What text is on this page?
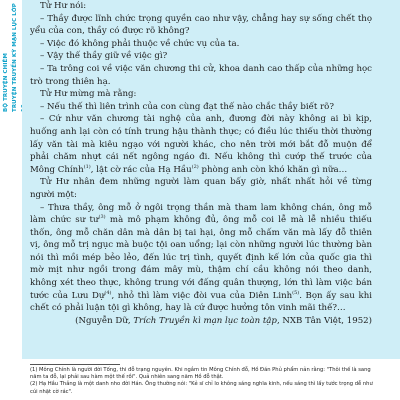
BỘ TRUYỆN CHIÊM TRUYỆN TRUYỀN KỲ MẠN LỤC LỚP	Tử Hư nói:

– Thầy được lĩnh chức trọng quyền cao như vậy, chẳng hay sự sống chết thọ yểu của con, thầy có được rõ không?

– Việc đó không phải thuộc về chức vụ của ta.

– Vậy thế thầy giữ về việc gì?

– Ta trông coi về việc văn chương thi cử, khoa danh cao thấp của những học trò trong thiên hạ.

Tử Hư mừng mà rằng:

– Nếu thế thì liên trình của con cùng đạt thế nào chắc thầy biết rõ?

– Cứ như văn chương tài nghệ của anh, đương đời này không ai bì kịp, huống anh lại còn có tính trung hậu thành thực; có điều lúc thiếu thời thường lấy văn tài mà kiêu ngạo với người khác, cho nên trời mới bắt đỗ muộn để phải chăm nhựt cái nết ngông ngáo đi. Nếu không thì cướp thế trước của Mông Chính$^{(1)}$, lật cờ rác của Hạ Hầu$^{(2)}$ phòng anh còn khó khăn gì nữa…

Tử Hư nhân đem những người làm quan bấy giờ, nhất nhất hỏi về từng người một:

– Thưa thầy, ông mỗ ở ngôi trọng thần mà tham lam không chán, ông mỗ làm chức sư $tư^{(3)}$ mà mô phạm không đủ, ông mỗ coi lễ mà lễ nhiều thiếu thốn, ông mỗ chăn dân mà dân bị tai hại, ông mỗ chấm văn mà lấy đỗ thiên vị, ông mỗ trị ngục mà buộc tội oan uổng; lại còn những người lúc thường bàn nói thì mồi mép bẻo lẻo, đến lúc trị tình, quyết định kế lớn của quốc gia thì mờ mịt như ngồi trong đám mây mù, thậm chí cầu không nói theo danh, không xét theo thực, không trung với đấng quân thượng, lớn thì làm việc bán tước của Lưu Dự$^{(4)}$, nhỏ thì làm việc đòi vua của Diên Linh$^{(5)}$. Bọn ấy sau khi chết có phải luận tội gì không, hay là cứ được hưởng tôn vinh mãi thế?…

(Nguyễn Dữ, Trích Truyền kì mạn lục toàn tập, NXB Tân Việt, 1952)

(1) Mông Chính là người đời Tống, thi đỗ trạng nguyên. Khi ngắm tin Mông Chính đỗ, Hồ Đán Phủ phẩm nản rằng: "Thôi thế là sang năm ta đỗ, lại phải sau hàm một thế rồi". Quả nhiên sang năm Hồ đỗ thật.

(2) Hạ Hầu Thắng là một danh nho đời Hán. Ông thường nói: "Kẻ sĩ chỉ lo không sáng nghĩa kinh, nếu sáng thì lấy tước trọng dễ như cúi nhặt cờ rác".
